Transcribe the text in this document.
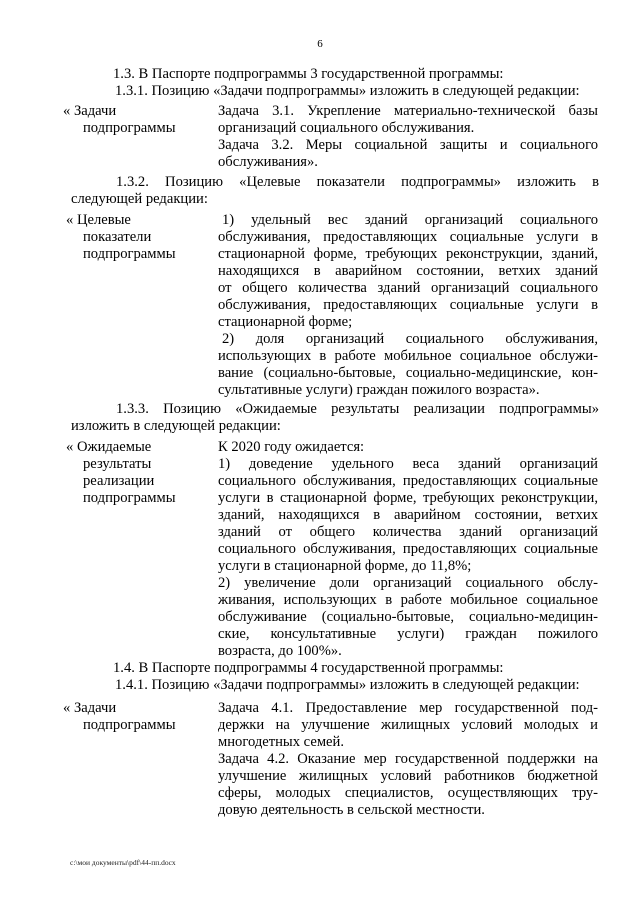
6
1.3. В Паспорте подпрограммы 3 государственной программы:
1.3.1. Позицию «Задачи подпрограммы» изложить в следующей редакции:
« Задачи
подпрограммы
Задача 3.1. Укрепление материально-технической базы
организаций социального обслуживания.
Задача 3.2. Меры социальной защиты и социального
обслуживания».
1.3.2. Позицию «Целевые показатели подпрограммы» изложить в
следующей редакции:
« Целевые
показатели
подпрограммы
1) удельный вес зданий организаций социального
обслуживания, предоставляющих социальные услуги в
стационарной форме, требующих реконструкции, зданий,
находящихся в аварийном состоянии, ветхих зданий
от общего количества зданий организаций социального
обслуживания, предоставляющих социальные услуги в
стационарной форме;
2) доля организаций социального обслуживания,
использующих в работе мобильное социальное обслужи-
вание (социально-бытовые, социально-медицинские, кон-
сультативные услуги) граждан пожилого возраста».
1.3.3. Позицию «Ожидаемые результаты реализации подпрограммы»
изложить в следующей редакции:
« Ожидаемые
результаты
реализации
подпрограммы
К 2020 году ожидается:
1) доведение удельного веса зданий организаций
социального обслуживания, предоставляющих социальные
услуги в стационарной форме, требующих реконструкции,
зданий, находящихся в аварийном состоянии, ветхих
зданий от общего количества зданий организаций
социального обслуживания, предоставляющих социальные
услуги в стационарной форме, до 11,8%;
2) увеличение доли организаций социального обслу-
живания, использующих в работе мобильное социальное
обслуживание (социально-бытовые, социально-медицин-
ские, консультативные услуги) граждан пожилого
возраста, до 100%».
1.4. В Паспорте подпрограммы 4 государственной программы:
1.4.1. Позицию «Задачи подпрограммы» изложить в следующей редакции:
« Задачи
подпрограммы
Задача 4.1. Предоставление мер государственной под-
держки на улучшение жилищных условий молодых и
многодетных семей.
Задача 4.2. Оказание мер государственной поддержки на
улучшение жилищных условий работников бюджетной
сферы, молодых специалистов, осуществляющих тру-
довую деятельность в сельской местности.
c:\мои документы\pdf\44-пп.docx
